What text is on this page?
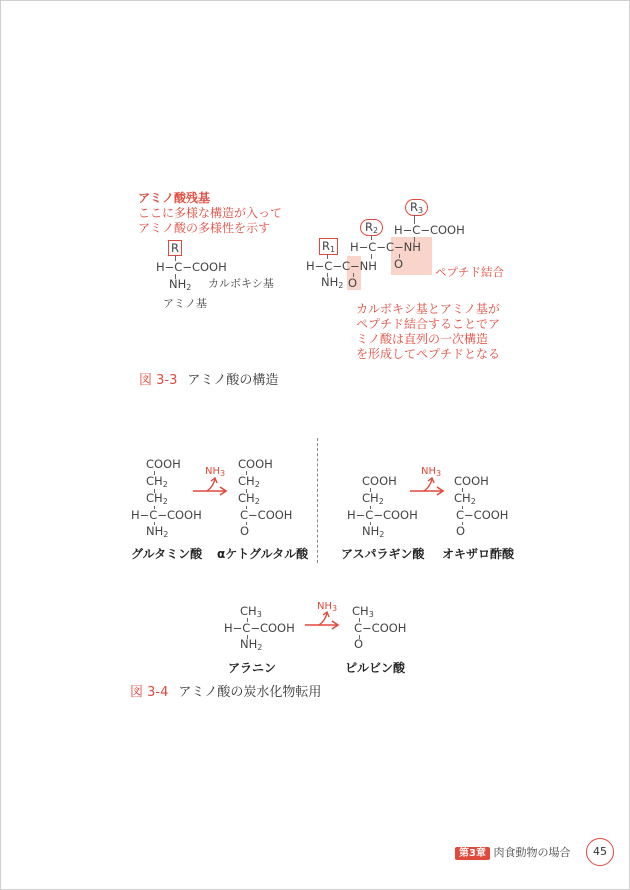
アミノ酸残基
ここに多様な構造が入って
アミノ酸の多様性を示す
R
H−C−COOH
$NH_2$ カルボキシ基
アミノ基
$R_3$
H−C−COOH
$R_2$
H−C−C−NH
O
$R_1$
H−C−C−NH
$NH_2$ O
ペプチド結合
カルボキシ基とアミノ基が
ペプチド結合することでア
ミノ酸は直列の一次構造
を形成してペプチドとなる
図 3-3 アミノ酸の構造
COOH
$CH_2$
$CH_2$
H−C−COOH
$NH_2$
グルタミン酸
$NH_3$
COOH
$CH_2$
$CH_2$
C−COOH
O
αケトグルタル酸
COOH
$CH_2$
H−C−COOH
$NH_2$
アスパラギン酸
$NH_3$
COOH
$CH_2$
C−COOH
O
オキザロ酢酸
$CH_3$
H−C−COOH
$NH_2$
アラニン
$NH_3$ $CH_3$
C−COOH
O
ピルビン酸
図 3-4 アミノ酸の炭水化物転用
第3章 肉食動物の場合	45
